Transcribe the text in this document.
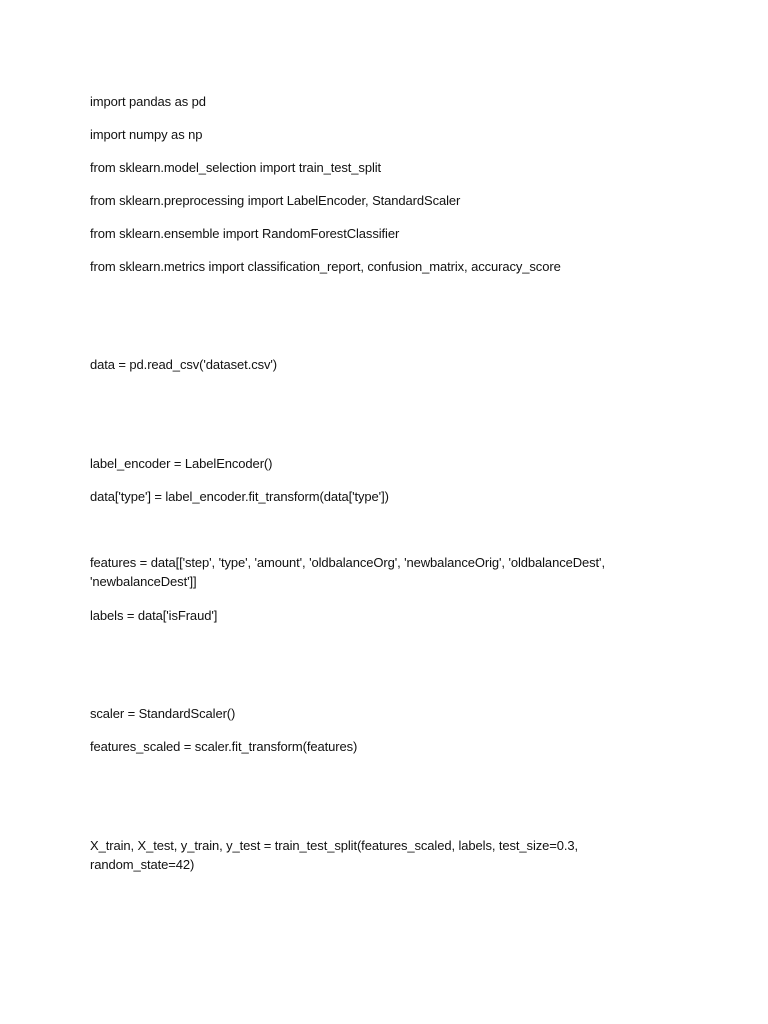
import pandas as pd
import numpy as np
from sklearn.model_selection import train_test_split
from sklearn.preprocessing import LabelEncoder, StandardScaler
from sklearn.ensemble import RandomForestClassifier
from sklearn.metrics import classification_report, confusion_matrix, accuracy_score
data = pd.read_csv('dataset.csv')
label_encoder = LabelEncoder()
data['type'] = label_encoder.fit_transform(data['type'])
features = data[['step', 'type', 'amount', 'oldbalanceOrg', 'newbalanceOrig', 'oldbalanceDest', 'newbalanceDest']]
labels = data['isFraud']
scaler = StandardScaler()
features_scaled = scaler.fit_transform(features)
X_train, X_test, y_train, y_test = train_test_split(features_scaled, labels, test_size=0.3, random_state=42)
